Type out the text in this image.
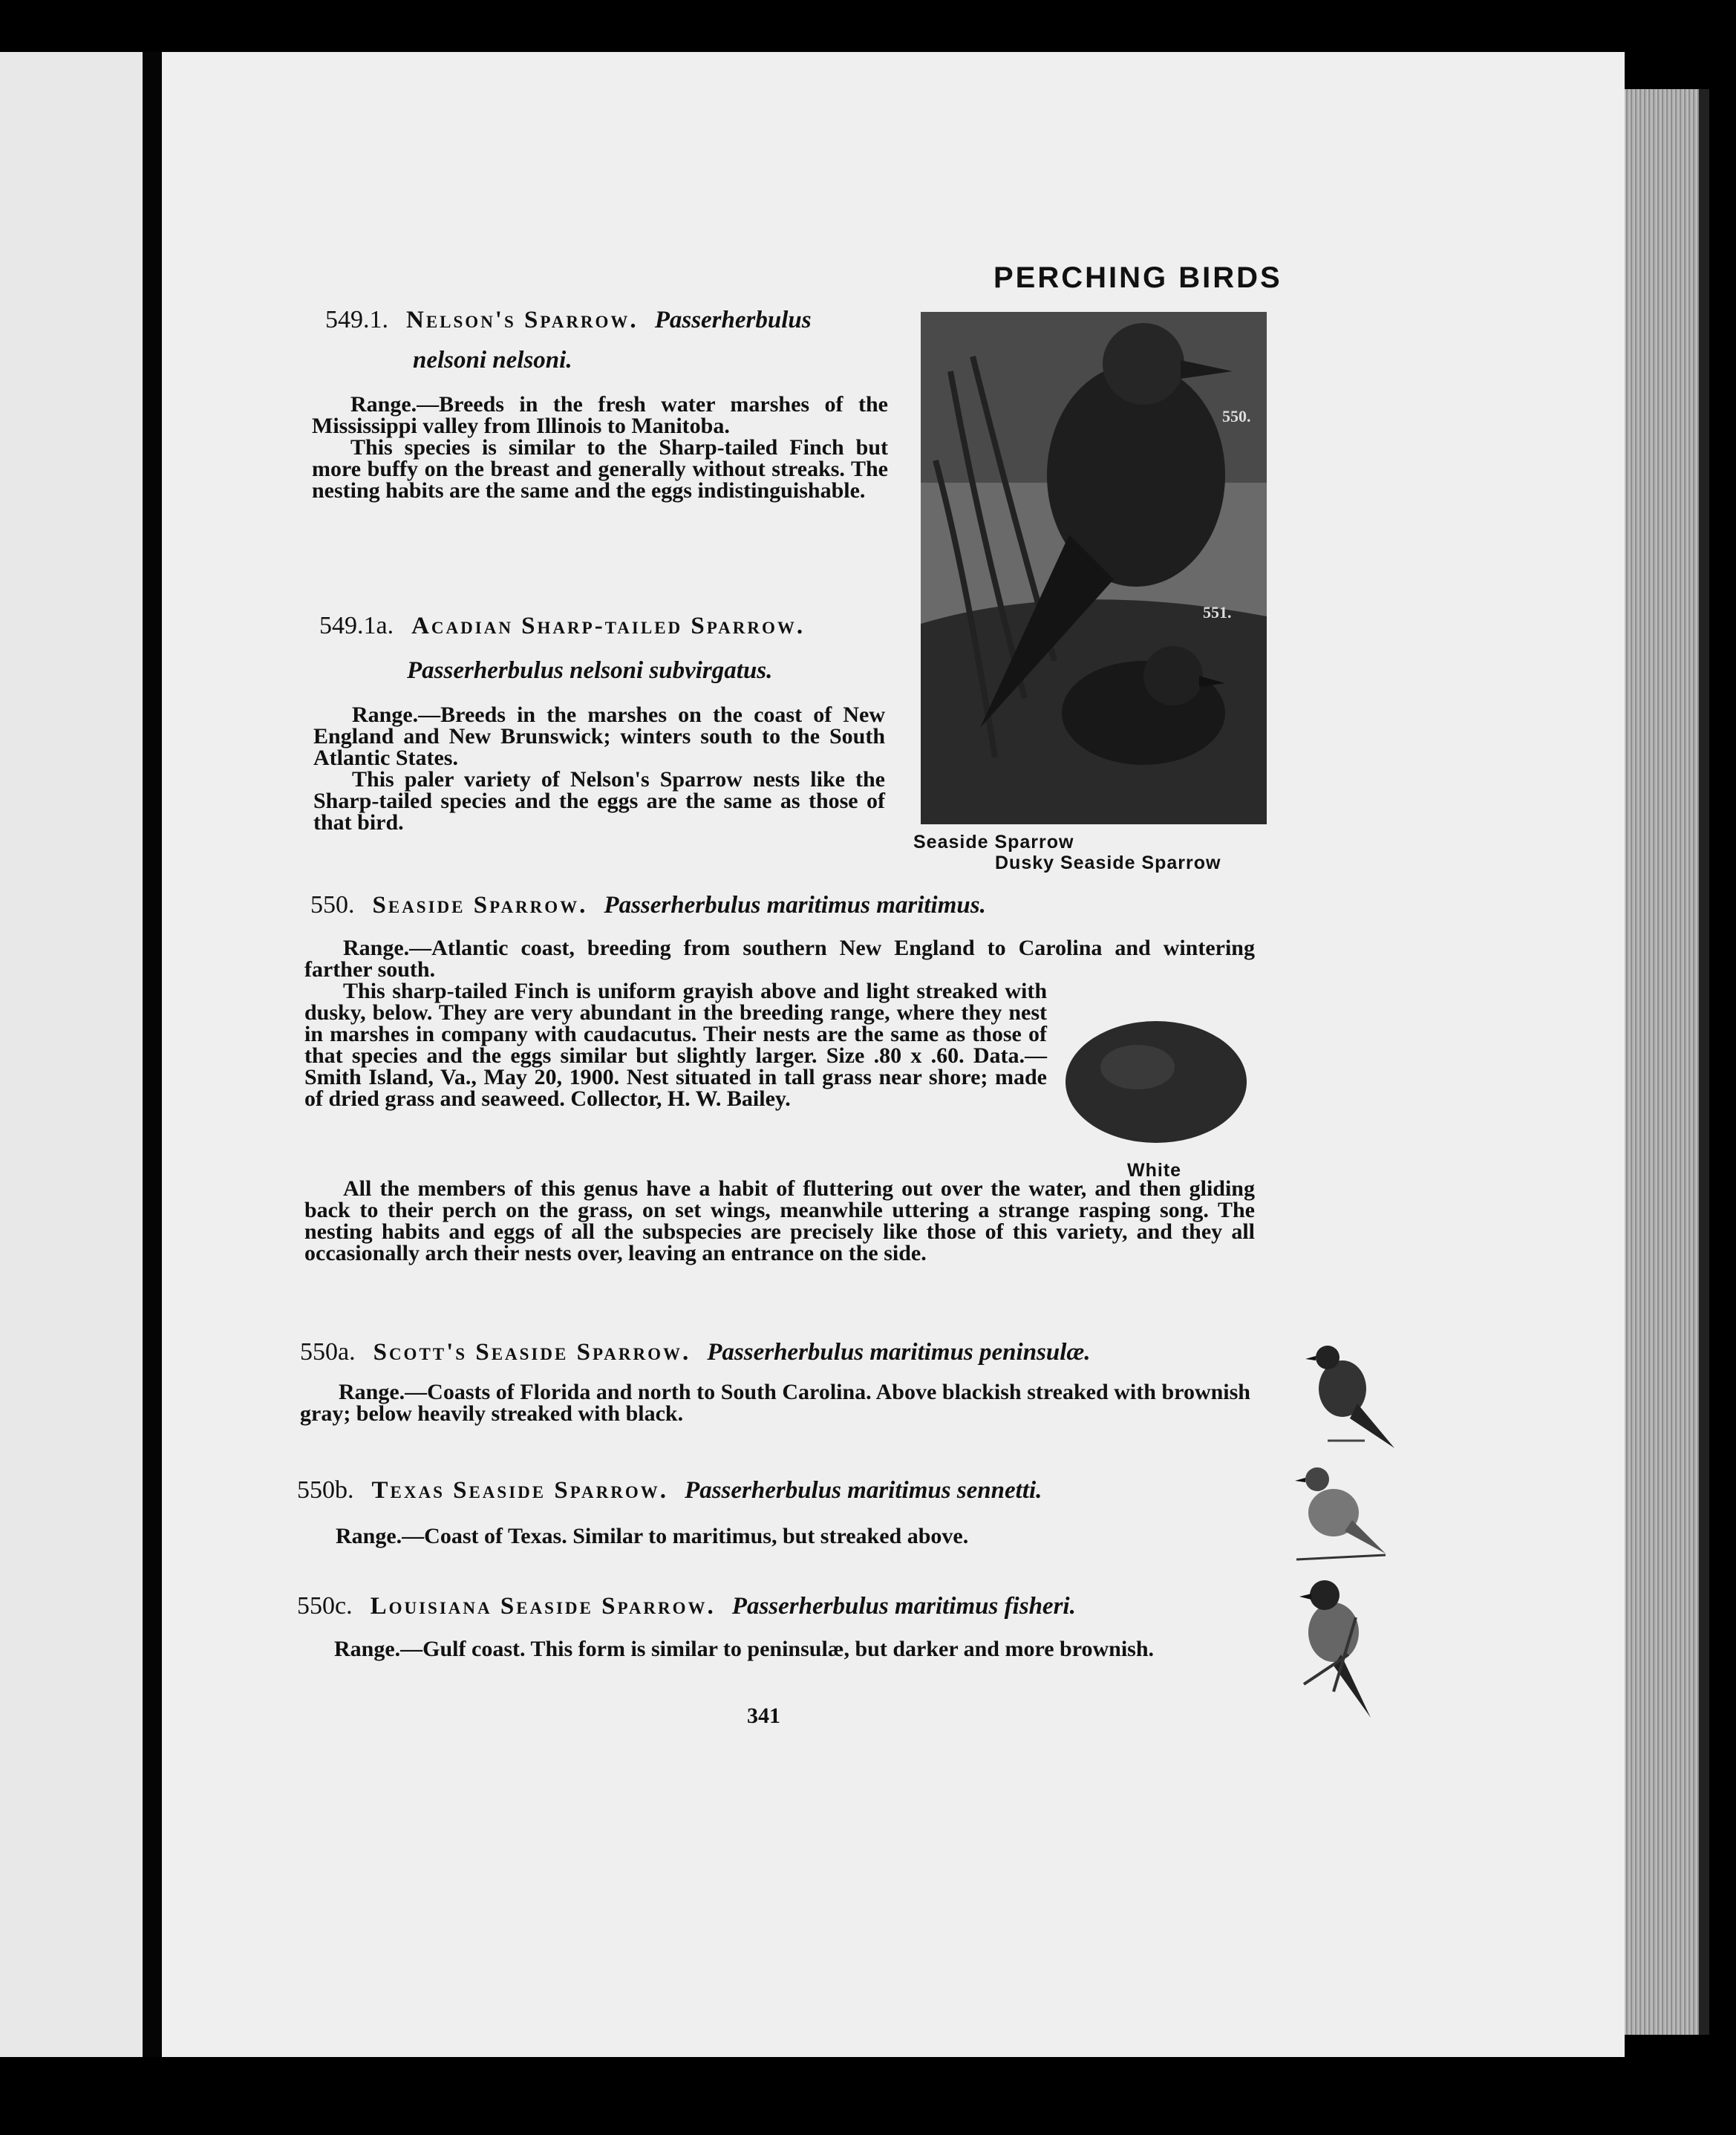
PERCHING BIRDS
549.1. Nelson's Sparrow. Passerherbulus
nelsoni nelsoni.

Range.—Breeds in the fresh water marshes of the Mississippi valley from Illinois to Manitoba.

This species is similar to the Sharp-tailed Finch but more buffy on the breast and generally without streaks. The nesting habits are the same and the eggs indistinguishable.

549.1a. Acadian Sharp-tailed Sparrow.
Passerherbulus nelsoni subvirgatus.

Range.—Breeds in the marshes on the coast of New England and New Brunswick; winters south to the South Atlantic States.

This paler variety of Nelson's Sparrow nests like the Sharp-tailed species and the eggs are the same as those of that bird.

550.
551.
Seaside Sparrow
Dusky Seaside Sparrow
550. Seaside Sparrow. Passerherbulus maritimus maritimus.

Range.—Atlantic coast, breeding from southern New England to Carolina and wintering farther south.

This sharp-tailed Finch is uniform grayish above and light streaked with dusky, below. They are very abundant in the breeding range, where they nest in marshes in company with caudacutus. Their nests are the same as those of that species and the eggs similar but slightly larger. Size .80 x .60. Data.—Smith Island, Va., May 20, 1900. Nest situated in tall grass near shore; made of dried grass and seaweed. Collector, H. W. Bailey.

White

All the members of this genus have a habit of fluttering out over the water, and then gliding back to their perch on the grass, on set wings, meanwhile uttering a strange rasping song. The nesting habits and eggs of all the subspecies are precisely like those of this variety, and they all occasionally arch their nests over, leaving an entrance on the side.

550a. Scott's Seaside Sparrow. Passerherbulus maritimus peninsulæ.

Range.—Coasts of Florida and north to South Carolina. Above blackish streaked with brownish gray; below heavily streaked with black.

550b. Texas Seaside Sparrow. Passerherbulus maritimus sennetti.

Range.—Coast of Texas. Similar to maritimus, but streaked above.

550c. Louisiana Seaside Sparrow. Passerherbulus maritimus fisheri.

Range.—Gulf coast. This form is similar to peninsulæ, but darker and more brownish.

341
